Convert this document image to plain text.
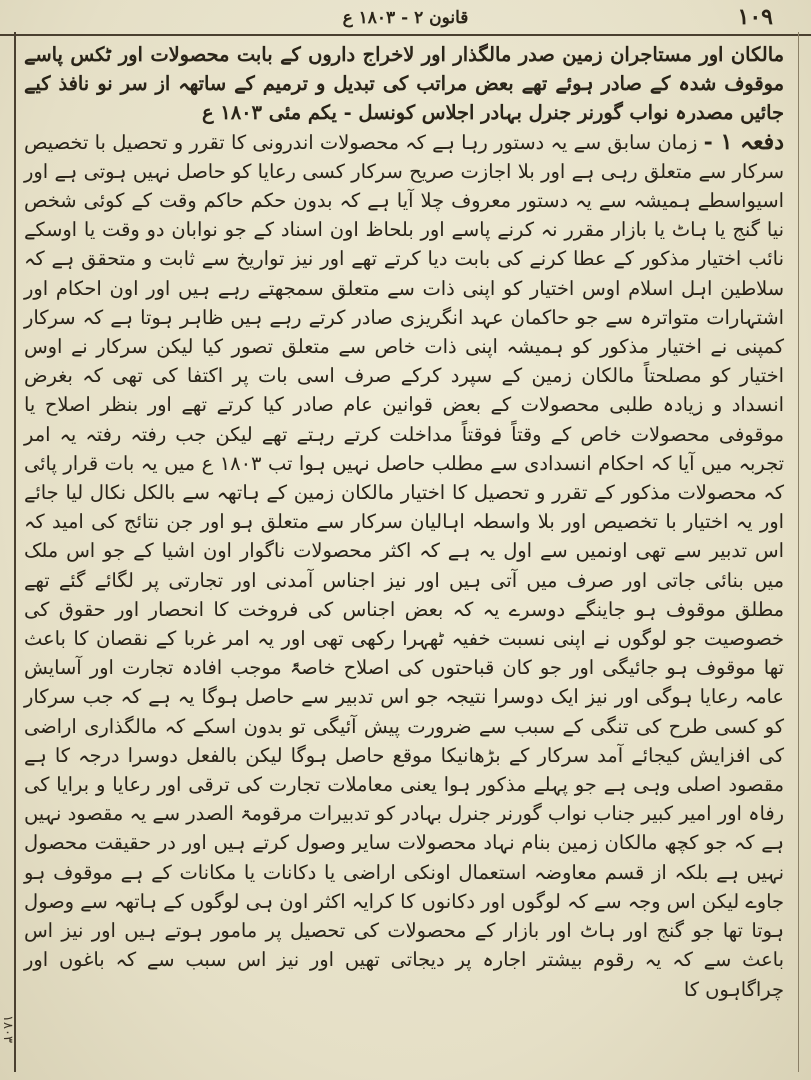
۱۰۹
قانون ۲ - ۱۸۰۳ ع

مالکان اور مستاجران زمین صدر مالگذار اور لاخراج داروں کے بابت محصولات اور ٹکس پاسے موقوف شدہ کے صادر ہوئے تھے بعض مراتب کی تبدیل و ترمیم کے ساتھہ از سر نو نافذ کیے جائیں مصدرہ نواب گورنر جنرل بہادر اجلاس کونسل - یکم مئی ۱۸۰۳ ع

دفعہ ۱ - زمان سابق سے یہ دستور رہا ہے کہ محصولات اندرونی کا تقرر و تحصیل با تخصیص سرکار سے متعلق رہی ہے اور بلا اجازت صریح سرکار کسی رعایا کو حاصل نہیں ہوتی ہے اور اسیواسطے ہمیشہ سے یہ دستور معروف چلا آیا ہے کہ بدون حکم حاکم وقت کے کوئی شخص نیا گنج یا ہاٹ یا بازار مقرر نہ کرنے پاسے اور بلحاظ اون اسناد کے جو نوابان دو وقت یا اوسکے نائب اختیار مذکور کے عطا کرنے کی بابت دیا کرتے تھے اور نیز تواریخ سے ثابت و متحقق ہے کہ سلاطین اہل اسلام اوس اختیار کو اپنی ذات سے متعلق سمجھتے رہے ہیں اور اون احکام اور اشتہارات متواترہ سے جو حاکمان عہد انگریزی صادر کرتے رہے ہیں ظاہر ہوتا ہے کہ سرکار کمپنی نے اختیار مذکور کو ہمیشہ اپنی ذات خاص سے متعلق تصور کیا لیکن سرکار نے اوس اختیار کو مصلحتاً مالکان زمین کے سپرد کرکے صرف اسی بات پر اکتفا کی تھی کہ بغرض انسداد و زیادہ طلبی محصولات کے بعض قوانین عام صادر کیا کرتے تھے اور بنظر اصلاح یا موقوفی محصولات خاص کے وقتاً فوقتاً مداخلت کرتے رہتے تھے لیکن جب رفتہ رفتہ یہ امر تجربہ میں آیا کہ احکام انسدادی سے مطلب حاصل نہیں ہوا تب ۱۸۰۳ ع میں یہ بات قرار پائی کہ محصولات مذکور کے تقرر و تحصیل کا اختیار مالکان زمین کے ہاتھہ سے بالکل نکال لیا جائے اور یہ اختیار با تخصیص اور بلا واسطہ اہالیان سرکار سے متعلق ہو اور جن نتائج کی امید کہ اس تدبیر سے تھی اونمیں سے اول یہ ہے کہ اکثر محصولات ناگوار اون اشیا کے جو اس ملک میں بنائی جاتی اور صرف میں آتی ہیں اور نیز اجناس آمدنی اور تجارتی پر لگائے گئے تھے مطلق موقوف ہو جاینگے دوسرے یہ کہ بعض اجناس کی فروخت کا انحصار اور حقوق کی خصوصیت جو لوگوں نے اپنی نسبت خفیہ ٹھہرا رکھی تھی اور یہ امر غربا کے نقصان کا باعث تھا موقوف ہو جائیگی اور جو کان قباحتوں کی اصلاح خاصۃً موجب افادہ تجارت اور آسایش عامہ رعایا ہوگی اور نیز ایک دوسرا نتیجہ جو اس تدبیر سے حاصل ہوگا یہ ہے کہ جب سرکار کو کسی طرح کی تنگی کے سبب سے ضرورت پیش آئیگی تو بدون اسکے کہ مالگذاری اراضی کی افزایش کیجائے آمد سرکار کے بڑھانیکا موقع حاصل ہوگا لیکن بالفعل دوسرا درجہ کا ہے مقصود اصلی وہی ہے جو پہلے مذکور ہوا یعنی معاملات تجارت کی ترقی اور رعایا و برایا کی رفاہ اور امیر کبیر جناب نواب گورنر جنرل بہادر کو تدبیرات مرقومۃ الصدر سے یہ مقصود نہیں ہے کہ جو کچھ مالکان زمین بنام نہاد محصولات سایر وصول کرتے ہیں اور در حقیقت محصول نہیں ہے بلکہ از قسم معاوضہ استعمال اونکی اراضی یا دکانات یا مکانات کے ہے موقوف ہو جاوے لیکن اس وجہ سے کہ لوگوں اور دکانوں کا کرایہ اکثر اون ہی لوگوں کے ہاتھہ سے وصول ہوتا تھا جو گنج اور ہاٹ اور بازار کے محصولات کی تحصیل پر مامور ہوتے ہیں اور نیز اس باعث سے کہ یہ رقوم بیشتر اجارہ پر دیجاتی تھیں اور نیز اس سبب سے کہ باغوں اور چراگاہوں کا

۱۸۰۳
